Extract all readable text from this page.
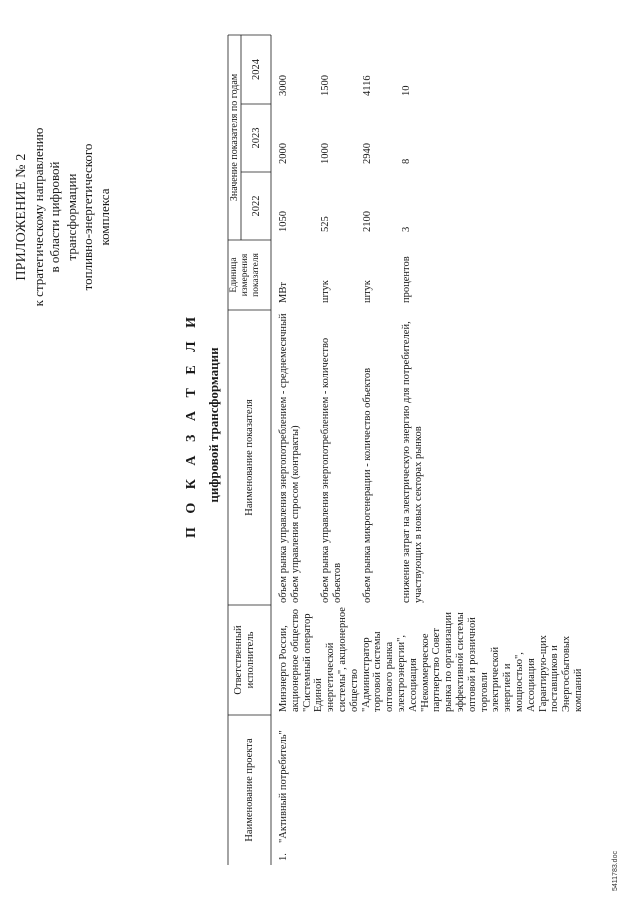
ПРИЛОЖЕНИЕ № 2 к стратегическому направлению в области цифровой трансформации топливно-энергетического комплекса
П О К А З А Т Е Л И цифровой трансформации
Наименование проекта
Ответственный исполнитель
Наименование показателя
Единица измерения показателя
Значение показателя по годам
2022
2023
2024
1.
"Активный потребитель"
Минэнерго России, акционерное общество "Системный оператор Единой энергетической системы", акционерное общество "Администратор торговой системы оптового рынка электроэнергии", Ассоциация "Некоммерческое партнерство Совет рынка по организации эффективной системы оптовой и розничной торговли электрической энергией и мощностью", Ассоциация Гарантирую-щих поставщиков и Энергосбытовых компаний
объем рынка управления энергопотреблением - среднемесячный объем управления спросом (контракты)
МВт
1050
2000
3000
объем рынка управления энергопотреблением - количество объектов
штук
525
1000
1500
объем рынка микрогенерации - количество объектов
штук
2100
2940
4116
снижение затрат на электрическую энергию для потребителей, участвующих в новых секторах рынков
процентов
3
8
10
5411783.doc
